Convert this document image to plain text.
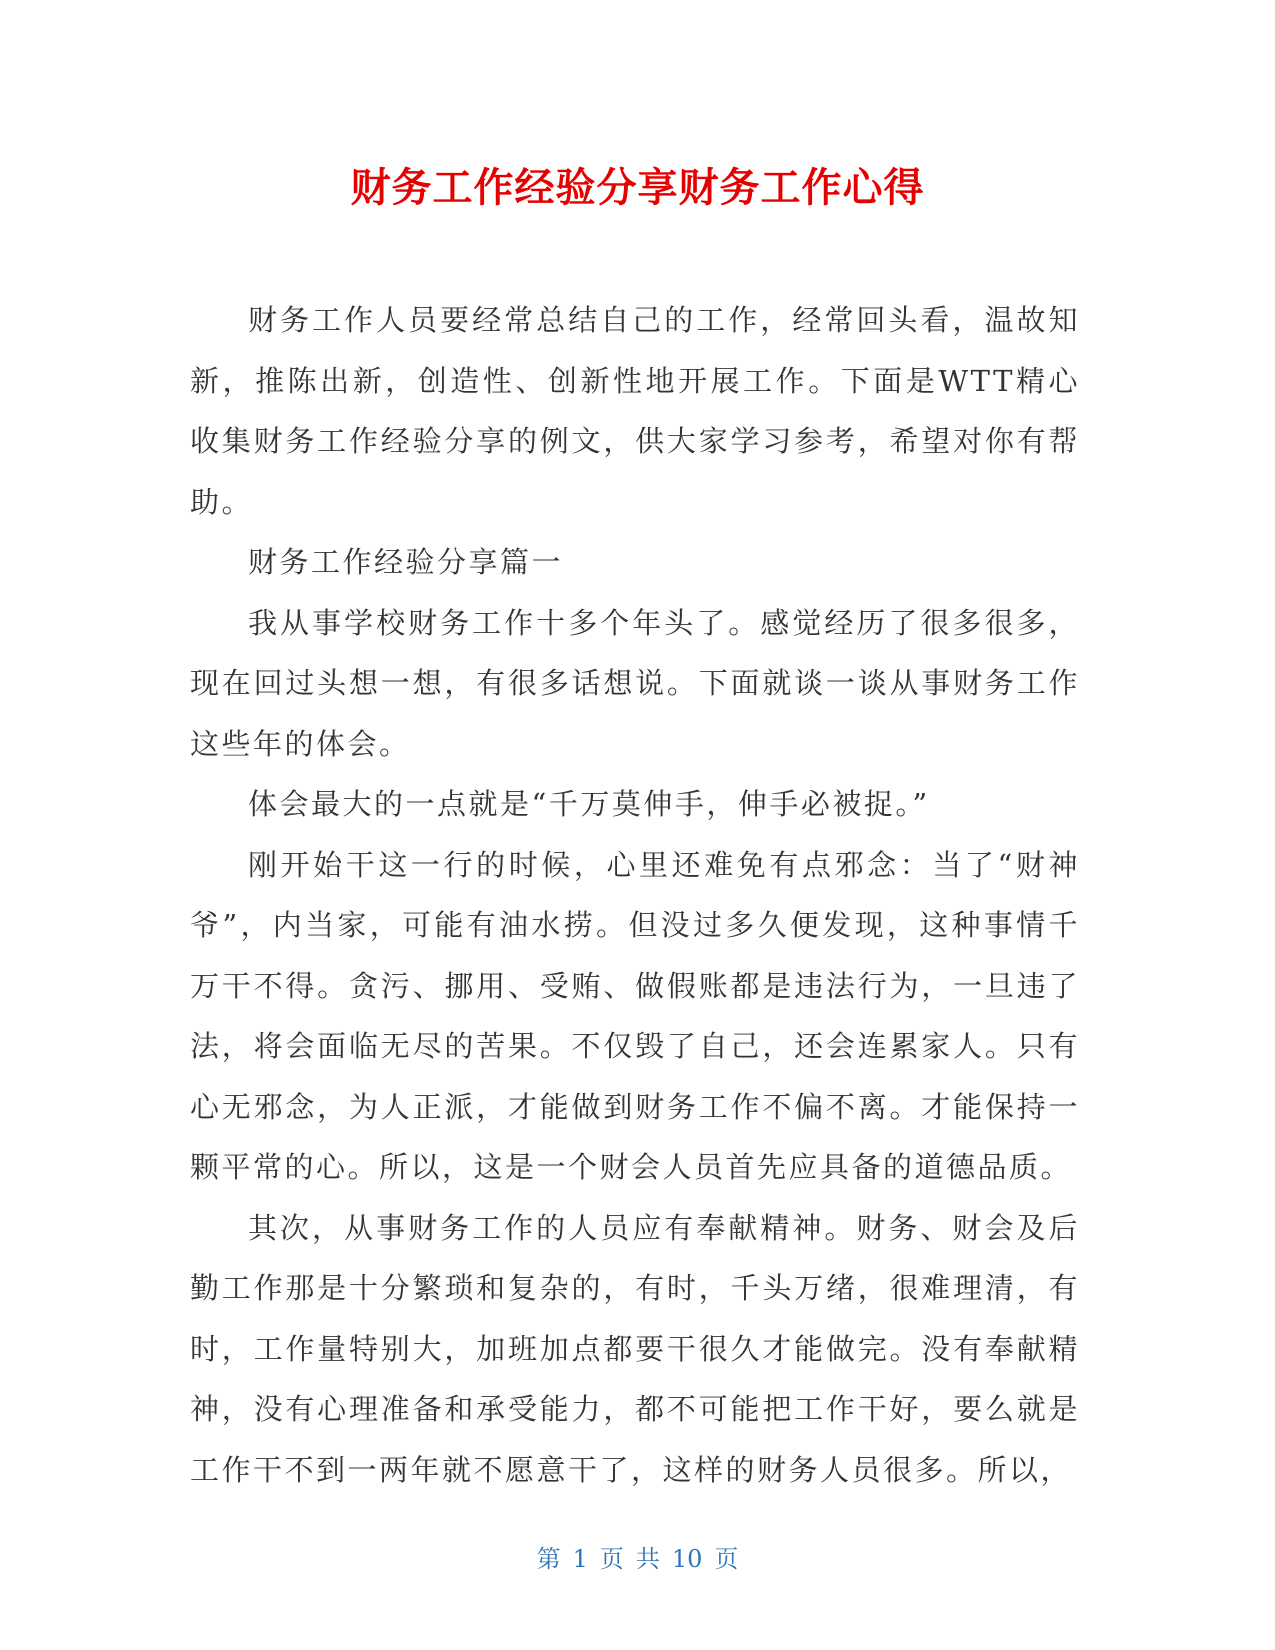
财务工作经验分享财务工作心得

财务工作人员要经常总结自己的工作，经常回头看，温故知新，推陈出新，创造性、创新性地开展工作。下面是WTT精心收集财务工作经验分享的例文，供大家学习参考，希望对你有帮助。

财务工作经验分享篇一

我从事学校财务工作十多个年头了。感觉经历了很多很多，现在回过头想一想，有很多话想说。下面就谈一谈从事财务工作这些年的体会。

体会最大的一点就是“千万莫伸手，伸手必被捉。”

刚开始干这一行的时候，心里还难免有点邪念：当了“财神爷”，内当家，可能有油水捞。但没过多久便发现，这种事情千万干不得。贪污、挪用、受贿、做假账都是违法行为，一旦违了法，将会面临无尽的苦果。不仅毁了自己，还会连累家人。只有心无邪念，为人正派，才能做到财务工作不偏不离。才能保持一颗平常的心。所以，这是一个财会人员首先应具备的道德品质。

其次，从事财务工作的人员应有奉献精神。财务、财会及后勤工作那是十分繁琐和复杂的，有时，千头万绪，很难理清，有时，工作量特别大，加班加点都要干很久才能做完。没有奉献精神，没有心理准备和承受能力，都不可能把工作干好，要么就是工作干不到一两年就不愿意干了，这样的财务人员很多。所以，

第 1 页 共 10 页
